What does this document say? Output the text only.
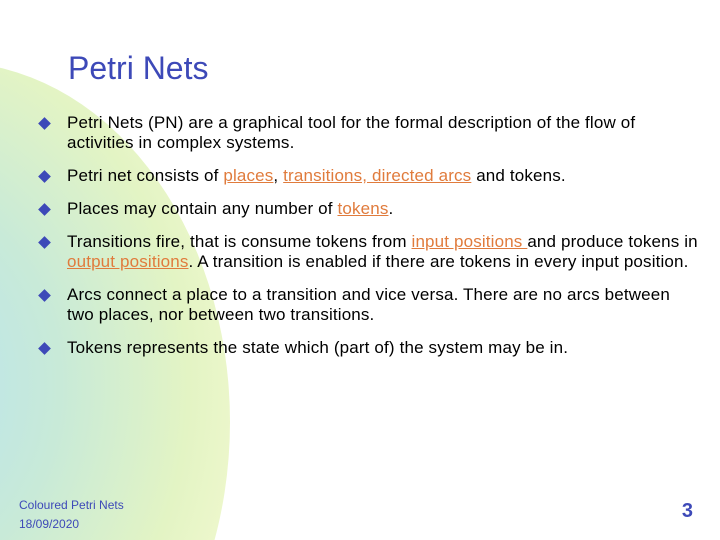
Petri Nets
Petri Nets (PN) are a graphical tool for the formal description of the flow of activities in complex systems.
Petri net consists of places, transitions, directed arcs and tokens.
Places may contain any number of tokens.
Transitions fire, that is consume tokens from input positions and produce tokens in output positions. A transition is enabled if there are tokens in every input position.
Arcs connect a place to a transition and vice versa. There are no arcs between two places, nor between two transitions.
Tokens represents the state which (part of) the system may be in.
Coloured Petri Nets
18/09/2020
3
